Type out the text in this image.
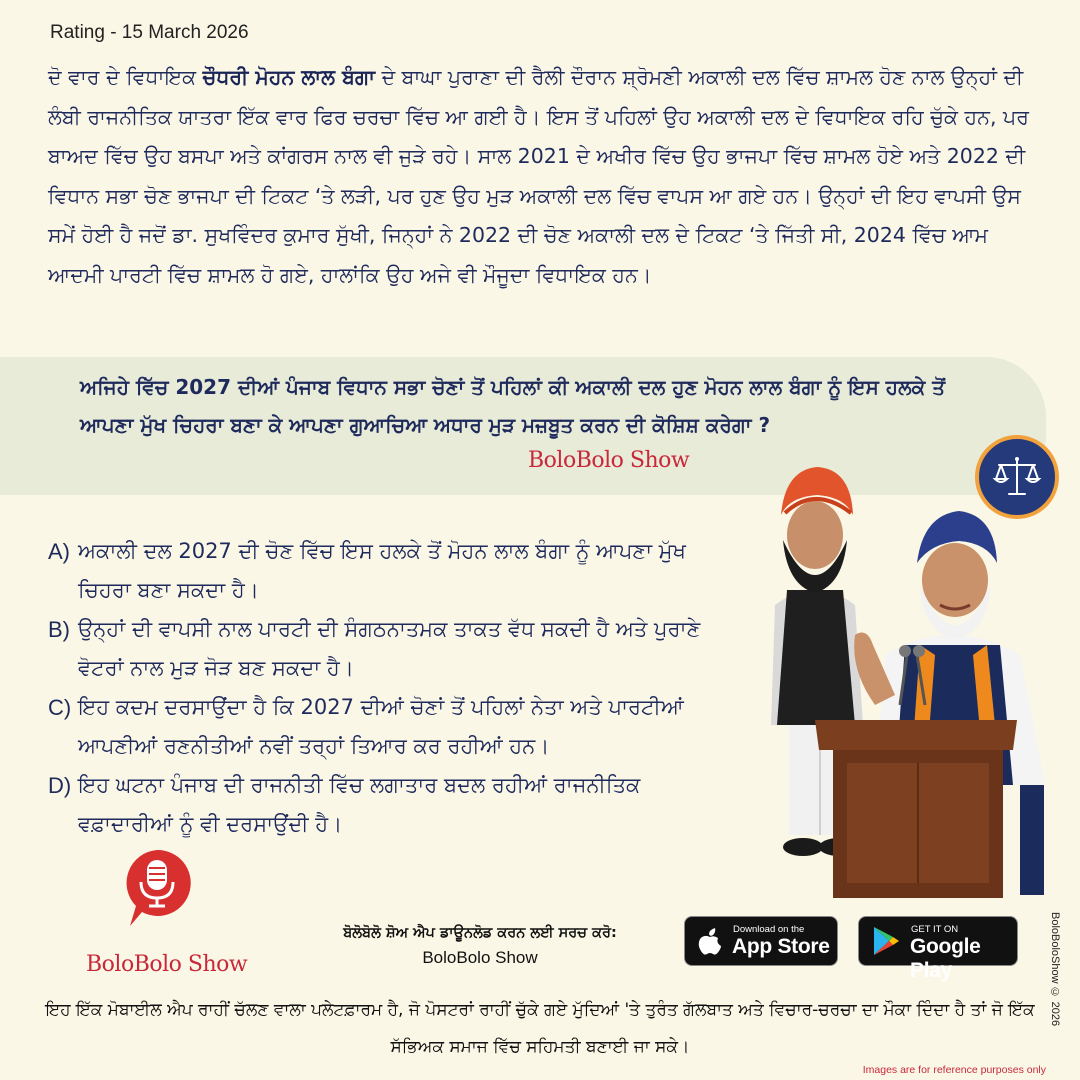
Rating - 15 March 2026
ਦੋ ਵਾਰ ਦੇ ਵਿਧਾਇਕ ਚੌਧਰੀ ਮੋਹਨ ਲਾਲ ਬੰਗਾ ਦੇ ਬਾਘਾ ਪੁਰਾਣਾ ਦੀ ਰੈਲੀ ਦੌਰਾਨ ਸ਼੍ਰੋਮਣੀ ਅਕਾਲੀ ਦਲ ਵਿੱਚ ਸ਼ਾਮਲ ਹੋਣ ਨਾਲ ਉਨ੍ਹਾਂ ਦੀ ਲੰਬੀ ਰਾਜਨੀਤਿਕ ਯਾਤਰਾ ਇੱਕ ਵਾਰ ਫਿਰ ਚਰਚਾ ਵਿੱਚ ਆ ਗਈ ਹੈ। ਇਸ ਤੋਂ ਪਹਿਲਾਂ ਉਹ ਅਕਾਲੀ ਦਲ ਦੇ ਵਿਧਾਇਕ ਰਹਿ ਚੁੱਕੇ ਹਨ, ਪਰ ਬਾਅਦ ਵਿੱਚ ਉਹ ਬਸਪਾ ਅਤੇ ਕਾਂਗਰਸ ਨਾਲ ਵੀ ਜੁੜੇ ਰਹੇ। ਸਾਲ 2021 ਦੇ ਅਖੀਰ ਵਿੱਚ ਉਹ ਭਾਜਪਾ ਵਿੱਚ ਸ਼ਾਮਲ ਹੋਏ ਅਤੇ 2022 ਦੀ ਵਿਧਾਨ ਸਭਾ ਚੋਣ ਭਾਜਪਾ ਦੀ ਟਿਕਟ ‘ਤੇ ਲੜੀ, ਪਰ ਹੁਣ ਉਹ ਮੁੜ ਅਕਾਲੀ ਦਲ ਵਿੱਚ ਵਾਪਸ ਆ ਗਏ ਹਨ। ਉਨ੍ਹਾਂ ਦੀ ਇਹ ਵਾਪਸੀ ਉਸ ਸਮੇਂ ਹੋਈ ਹੈ ਜਦੋਂ ਡਾ. ਸੁਖਵਿੰਦਰ ਕੁਮਾਰ ਸੁੱਖੀ, ਜਿਨ੍ਹਾਂ ਨੇ 2022 ਦੀ ਚੋਣ ਅਕਾਲੀ ਦਲ ਦੇ ਟਿਕਟ ‘ਤੇ ਜਿੱਤੀ ਸੀ, 2024 ਵਿੱਚ ਆਮ ਆਦਮੀ ਪਾਰਟੀ ਵਿੱਚ ਸ਼ਾਮਲ ਹੋ ਗਏ, ਹਾਲਾਂਕਿ ਉਹ ਅਜੇ ਵੀ ਮੌਜੂਦਾ ਵਿਧਾਇਕ ਹਨ।
ਅਜਿਹੇ ਵਿੱਚ 2027 ਦੀਆਂ ਪੰਜਾਬ ਵਿਧਾਨ ਸਭਾ ਚੋਣਾਂ ਤੋਂ ਪਹਿਲਾਂ ਕੀ ਅਕਾਲੀ ਦਲ ਹੁਣ ਮੋਹਨ ਲਾਲ ਬੰਗਾ ਨੂੰ ਇਸ ਹਲਕੇ ਤੋਂ ਆਪਣਾ ਮੁੱਖ ਚਿਹਰਾ ਬਣਾ ਕੇ ਆਪਣਾ ਗੁਆਚਿਆ ਅਧਾਰ ਮੁੜ ਮਜ਼ਬੂਤ ਕਰਨ ਦੀ ਕੋਸ਼ਿਸ਼ ਕਰੇਗਾ ?
BoloBolo Show
A) ਅਕਾਲੀ ਦਲ 2027 ਦੀ ਚੋਣ ਵਿੱਚ ਇਸ ਹਲਕੇ ਤੋਂ ਮੋਹਨ ਲਾਲ ਬੰਗਾ ਨੂੰ ਆਪਣਾ ਮੁੱਖ ਚਿਹਰਾ ਬਣਾ ਸਕਦਾ ਹੈ।
B) ਉਨ੍ਹਾਂ ਦੀ ਵਾਪਸੀ ਨਾਲ ਪਾਰਟੀ ਦੀ ਸੰਗਠਨਾਤਮਕ ਤਾਕਤ ਵੱਧ ਸਕਦੀ ਹੈ ਅਤੇ ਪੁਰਾਣੇ ਵੋਟਰਾਂ ਨਾਲ ਮੁੜ ਜੋੜ ਬਣ ਸਕਦਾ ਹੈ।
C) ਇਹ ਕਦਮ ਦਰਸਾਉਂਦਾ ਹੈ ਕਿ 2027 ਦੀਆਂ ਚੋਣਾਂ ਤੋਂ ਪਹਿਲਾਂ ਨੇਤਾ ਅਤੇ ਪਾਰਟੀਆਂ ਆਪਣੀਆਂ ਰਣਨੀਤੀਆਂ ਨਵੀਂ ਤਰ੍ਹਾਂ ਤਿਆਰ ਕਰ ਰਹੀਆਂ ਹਨ।
D) ਇਹ ਘਟਨਾ ਪੰਜਾਬ ਦੀ ਰਾਜਨੀਤੀ ਵਿੱਚ ਲਗਾਤਾਰ ਬਦਲ ਰਹੀਆਂ ਰਾਜਨੀਤਿਕ ਵਫ਼ਾਦਾਰੀਆਂ ਨੂੰ ਵੀ ਦਰਸਾਉਂਦੀ ਹੈ।
BoloBolo Show
ਬੋਲੋਬੋਲੋ ਸ਼ੋਅ ਐਪ ਡਾਊਨਲੋਡ ਕਰਨ ਲਈ ਸਰਚ ਕਰੋ:
BoloBolo Show
Download on the
App Store
GET IT ON
Google Play
ਇਹ ਇੱਕ ਮੋਬਾਈਲ ਐਪ ਰਾਹੀਂ ਚੱਲਣ ਵਾਲਾ ਪਲੇਟਫ਼ਾਰਮ ਹੈ, ਜੋ ਪੋਸਟਰਾਂ ਰਾਹੀਂ ਚੁੱਕੇ ਗਏ ਮੁੱਦਿਆਂ 'ਤੇ ਤੁਰੰਤ ਗੱਲਬਾਤ ਅਤੇ ਵਿਚਾਰ-ਚਰਚਾ ਦਾ ਮੌਕਾ ਦਿੰਦਾ ਹੈ ਤਾਂ ਜੋ ਇੱਕ ਸੱਭਿਅਕ ਸਮਾਜ ਵਿੱਚ ਸਹਿਮਤੀ ਬਣਾਈ ਜਾ ਸਕੇ।
BoloBoloShow © 2026
Images are for reference purposes only
